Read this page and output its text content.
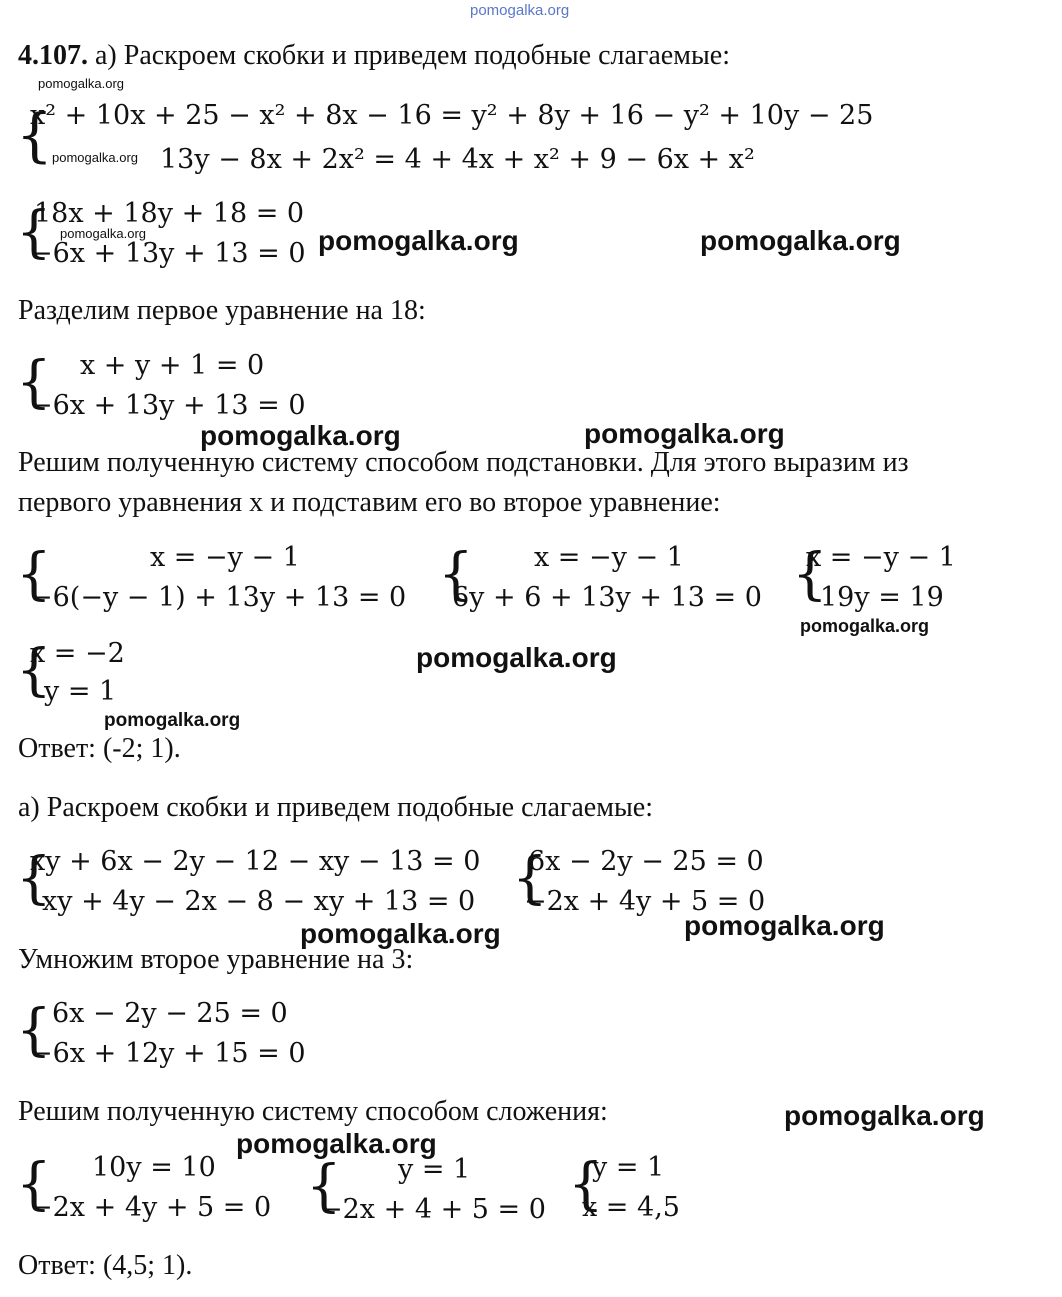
pomogalka.org
4.107. а) Раскроем скобки и приведем подобные слагаемые:
pomogalka.org
{
x² + 10x + 25 − x² + 8x − 16 = y² + 8y + 16 − y² + 10y − 25
pomogalka.org 13y − 8x + 2x² = 4 + 4x + x² + 9 − 6x + x²
{
18x + 18y + 18 = 0
pomogalka.org
−6x + 13y + 13 = 0 pomogalka.org	pomogalka.org
Разделим первое уравнение на 18:
{ x + y + 1 = 0
−6x + 13y + 13 = 0
pomogalka.org	pomogalka.org
Решим полученную систему способом подстановки. Для этого выразим из
первого уравнения x и подставим его во второе уравнение:
{	x = −y − 1
−6(−y − 1) + 13y + 13 = 0 { x = −y − 1
6y + 6 + 13y + 13 = 0 {
x = −y − 1
19y = 19
pomogalka.org
{
x = −2
y = 1
pomogalka.org
pomogalka.org
Ответ: (-2; 1).
а) Раскроем скобки и приведем подобные слагаемые:
{
xy + 6x − 2y − 12 − xy − 13 = 0
xy + 4y − 2x − 8 − xy + 13 = 0 {
6x − 2y − 25 = 0
−2x + 4y + 5 = 0
pomogalka.org	pomogalka.org
Умножим второе уравнение на 3:
{ 6x − 2y − 25 = 0
−6x + 12y + 15 = 0
Решим полученную систему способом сложения:	pomogalka.org
pomogalka.org
{ 10y = 10
−2x + 4y + 5 = 0 { y = 1
−2x + 4 + 5 = 0 {
y = 1
x = 4,5
Ответ: (4,5; 1).
